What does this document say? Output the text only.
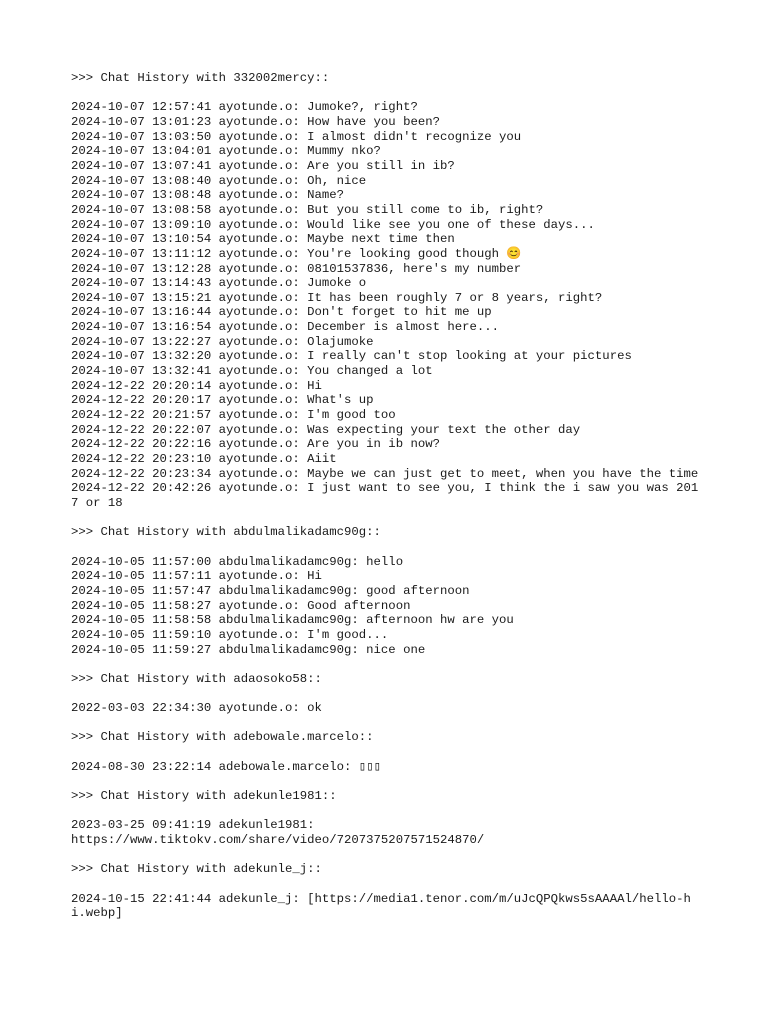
>>> Chat History with 332002mercy::
2024-10-07 12:57:41 ayotunde.o: Jumoke?, right?
2024-10-07 13:01:23 ayotunde.o: How have you been?
2024-10-07 13:03:50 ayotunde.o: I almost didn't recognize you
2024-10-07 13:04:01 ayotunde.o: Mummy nko?
2024-10-07 13:07:41 ayotunde.o: Are you still in ib?
2024-10-07 13:08:40 ayotunde.o: Oh, nice
2024-10-07 13:08:48 ayotunde.o: Name?
2024-10-07 13:08:58 ayotunde.o: But you still come to ib, right?
2024-10-07 13:09:10 ayotunde.o: Would like see you one of these days...
2024-10-07 13:10:54 ayotunde.o: Maybe next time then
2024-10-07 13:11:12 ayotunde.o: You're looking good though 😊
2024-10-07 13:12:28 ayotunde.o: 08101537836, here's my number
2024-10-07 13:14:43 ayotunde.o: Jumoke o
2024-10-07 13:15:21 ayotunde.o: It has been roughly 7 or 8 years, right?
2024-10-07 13:16:44 ayotunde.o: Don't forget to hit me up
2024-10-07 13:16:54 ayotunde.o: December is almost here...
2024-10-07 13:22:27 ayotunde.o: Olajumoke
2024-10-07 13:32:20 ayotunde.o: I really can't stop looking at your pictures
2024-10-07 13:32:41 ayotunde.o: You changed a lot
2024-12-22 20:20:14 ayotunde.o: Hi
2024-12-22 20:20:17 ayotunde.o: What's up
2024-12-22 20:21:57 ayotunde.o: I'm good too
2024-12-22 20:22:07 ayotunde.o: Was expecting your text the other day
2024-12-22 20:22:16 ayotunde.o: Are you in ib now?
2024-12-22 20:23:10 ayotunde.o: Aiit
2024-12-22 20:23:34 ayotunde.o: Maybe we can just get to meet, when you have the time
2024-12-22 20:42:26 ayotunde.o: I just want to see you, I think the i saw you was 2017 or 18
>>> Chat History with abdulmalikadamc90g::
2024-10-05 11:57:00 abdulmalikadamc90g: hello
2024-10-05 11:57:11 ayotunde.o: Hi
2024-10-05 11:57:47 abdulmalikadamc90g: good afternoon
2024-10-05 11:58:27 ayotunde.o: Good afternoon
2024-10-05 11:58:58 abdulmalikadamc90g: afternoon hw are you
2024-10-05 11:59:10 ayotunde.o: I'm good...
2024-10-05 11:59:27 abdulmalikadamc90g: nice one
>>> Chat History with adaosoko58::
2022-03-03 22:34:30 ayotunde.o: ok
>>> Chat History with adebowale.marcelo::
2024-08-30 23:22:14 adebowale.marcelo: ▯▯▯
>>> Chat History with adekunle1981::
2023-03-25 09:41:19 adekunle1981:
https://www.tiktokv.com/share/video/7207375207571524870/
>>> Chat History with adekunle_j::
2024-10-15 22:41:44 adekunle_j: [https://media1.tenor.com/m/uJcQPQkws5sAAAAl/hello-hi.webp]
